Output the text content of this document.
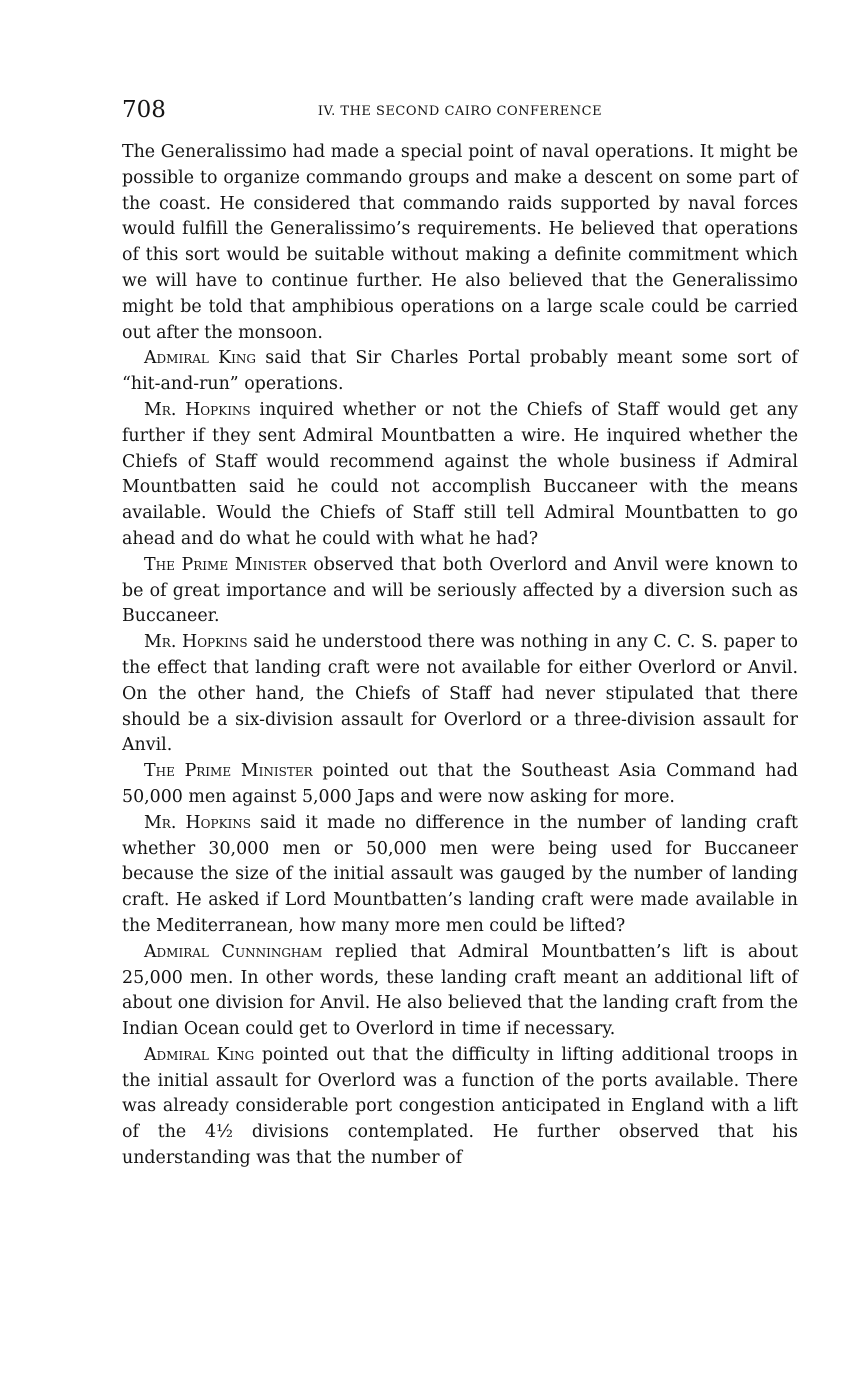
708	IV. THE SECOND CAIRO CONFERENCE

The Generalissimo had made a special point of naval operations. It might be possible to organize commando groups and make a descent on some part of the coast. He considered that commando raids supported by naval forces would fulfill the Generalissimo’s requirements. He believed that operations of this sort would be suitable without making a definite commitment which we will have to continue further. He also believed that the Generalissimo might be told that amphibious operations on a large scale could be carried out after the monsoon.

Admiral King said that Sir Charles Portal probably meant some sort of “hit-and-run” operations.

Mr. Hopkins inquired whether or not the Chiefs of Staff would get any further if they sent Admiral Mountbatten a wire. He inquired whether the Chiefs of Staff would recommend against the whole business if Admiral Mountbatten said he could not accomplish Buccaneer with the means available. Would the Chiefs of Staff still tell Admiral Mountbatten to go ahead and do what he could with what he had?

The Prime Minister observed that both Overlord and Anvil were known to be of great importance and will be seriously affected by a diversion such as Buccaneer.

Mr. Hopkins said he understood there was nothing in any C. C. S. paper to the effect that landing craft were not available for either Overlord or Anvil. On the other hand, the Chiefs of Staff had never stipulated that there should be a six-division assault for Overlord or a three-division assault for Anvil.

The Prime Minister pointed out that the Southeast Asia Command had 50,000 men against 5,000 Japs and were now asking for more.

Mr. Hopkins said it made no difference in the number of landing craft whether 30,000 men or 50,000 men were being used for Buccaneer because the size of the initial assault was gauged by the number of landing craft. He asked if Lord Mountbatten’s landing craft were made available in the Mediterranean, how many more men could be lifted?

Admiral Cunningham replied that Admiral Mountbatten’s lift is about 25,000 men. In other words, these landing craft meant an additional lift of about one division for Anvil. He also believed that the landing craft from the Indian Ocean could get to Overlord in time if necessary.

Admiral King pointed out that the difficulty in lifting additional troops in the initial assault for Overlord was a function of the ports available. There was already considerable port congestion anticipated in England with a lift of the 4½ divisions contemplated. He further observed that his understanding was that the number of
